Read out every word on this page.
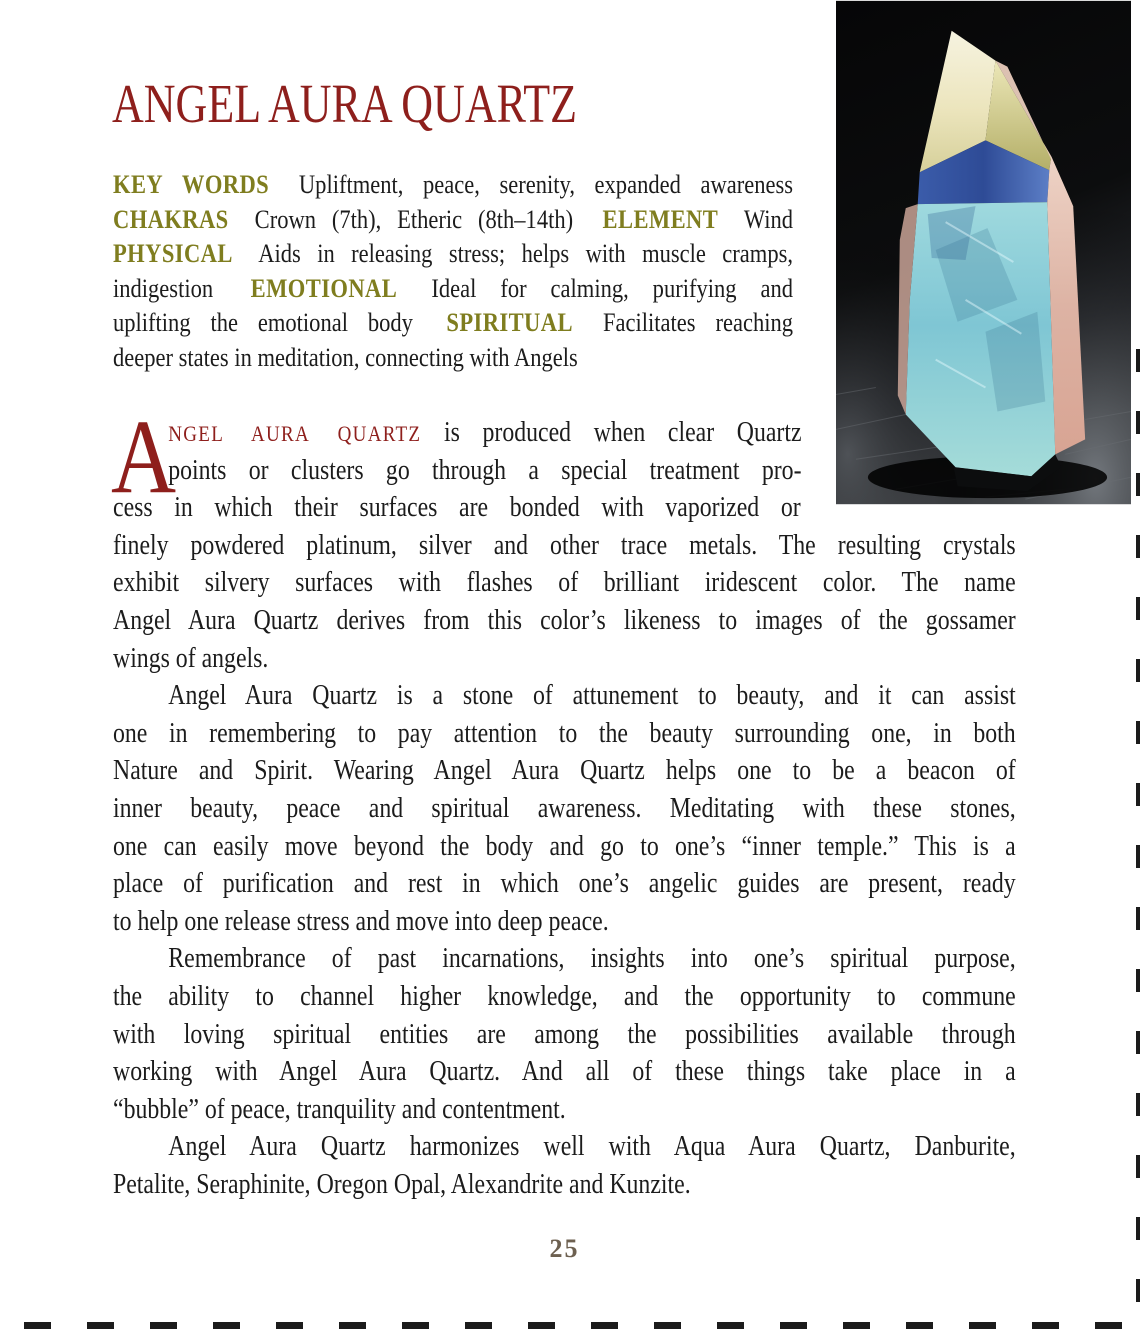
ANGEL AURA QUARTZ
KEY WORDS Upliftment, peace, serenity, expanded awareness
CHAKRAS Crown (7th), Etheric (8th–14th) ELEMENT Wind
PHYSICAL Aids in releasing stress; helps with muscle cramps,
indigestion EMOTIONAL Ideal for calming, purifying and
uplifting the emotional body SPIRITUAL Facilitates reaching
deeper states in meditation, connecting with Angels
A
NGEL AURA QUARTZ is produced when clear Quartz
points or clusters go through a special treatment pro-
cess in which their surfaces are bonded with vaporized or
finely powdered platinum, silver and other trace metals. The resulting crystals
exhibit silvery surfaces with flashes of brilliant iridescent color. The name
Angel Aura Quartz derives from this color’s likeness to images of the gossamer
wings of angels.
Angel Aura Quartz is a stone of attunement to beauty, and it can assist
one in remembering to pay attention to the beauty surrounding one, in both
Nature and Spirit. Wearing Angel Aura Quartz helps one to be a beacon of
inner beauty, peace and spiritual awareness. Meditating with these stones,
one can easily move beyond the body and go to one’s “inner temple.” This is a
place of purification and rest in which one’s angelic guides are present, ready
to help one release stress and move into deep peace.
Remembrance of past incarnations, insights into one’s spiritual purpose,
the ability to channel higher knowledge, and the opportunity to commune
with loving spiritual entities are among the possibilities available through
working with Angel Aura Quartz. And all of these things take place in a
“bubble” of peace, tranquility and contentment.
Angel Aura Quartz harmonizes well with Aqua Aura Quartz, Danburite,
Petalite, Seraphinite, Oregon Opal, Alexandrite and Kunzite.
25
